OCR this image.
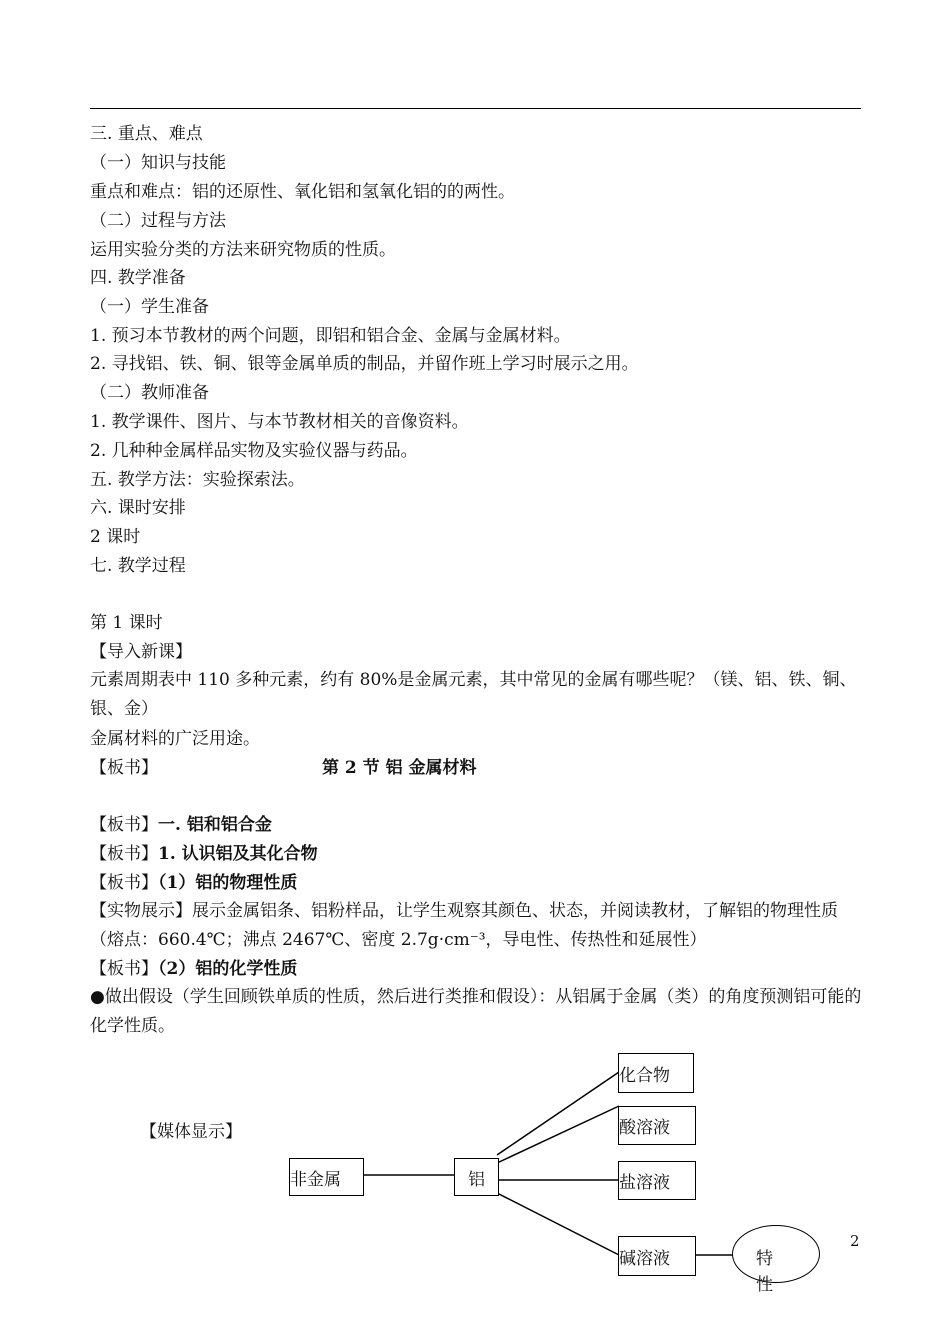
三. 重点、难点
（一）知识与技能
重点和难点：铝的还原性、氧化铝和氢氧化铝的的两性。
（二）过程与方法
运用实验分类的方法来研究物质的性质。
四. 教学准备
（一）学生准备
1. 预习本节教材的两个问题，即铝和铝合金、金属与金属材料。
2. 寻找铝、铁、铜、银等金属单质的制品，并留作班上学习时展示之用。
（二）教师准备
1. 教学课件、图片、与本节教材相关的音像资料。
2. 几种种金属样品实物及实验仪器与药品。
五. 教学方法：实验探索法。
六. 课时安排
2 课时
七. 教学过程
第 1 课时
【导入新课】
元素周期表中 110 多种元素，约有 80%是金属元素，其中常见的金属有哪些呢？（镁、铝、铁、铜、银、金）
金属材料的广泛用途。
【板书】	第 2 节 铝 金属材料
【板书】一. 铝和铝合金
【板书】1. 认识铝及其化合物
【板书】（1）铝的物理性质
【实物展示】展示金属铝条、铝粉样品，让学生观察其颜色、状态，并阅读教材，了解铝的物理性质（熔点：660.4℃；沸点 2467℃、密度 2.7g·cm⁻³，导电性、传热性和延展性）
【板书】（2）铝的化学性质
●做出假设（学生回顾铁单质的性质，然后进行类推和假设）：从铝属于金属（类）的角度预测铝可能的化学性质。
【媒体显示】
非金属	铝
化合物
酸溶液
盐溶液
碱溶液	特性
2
